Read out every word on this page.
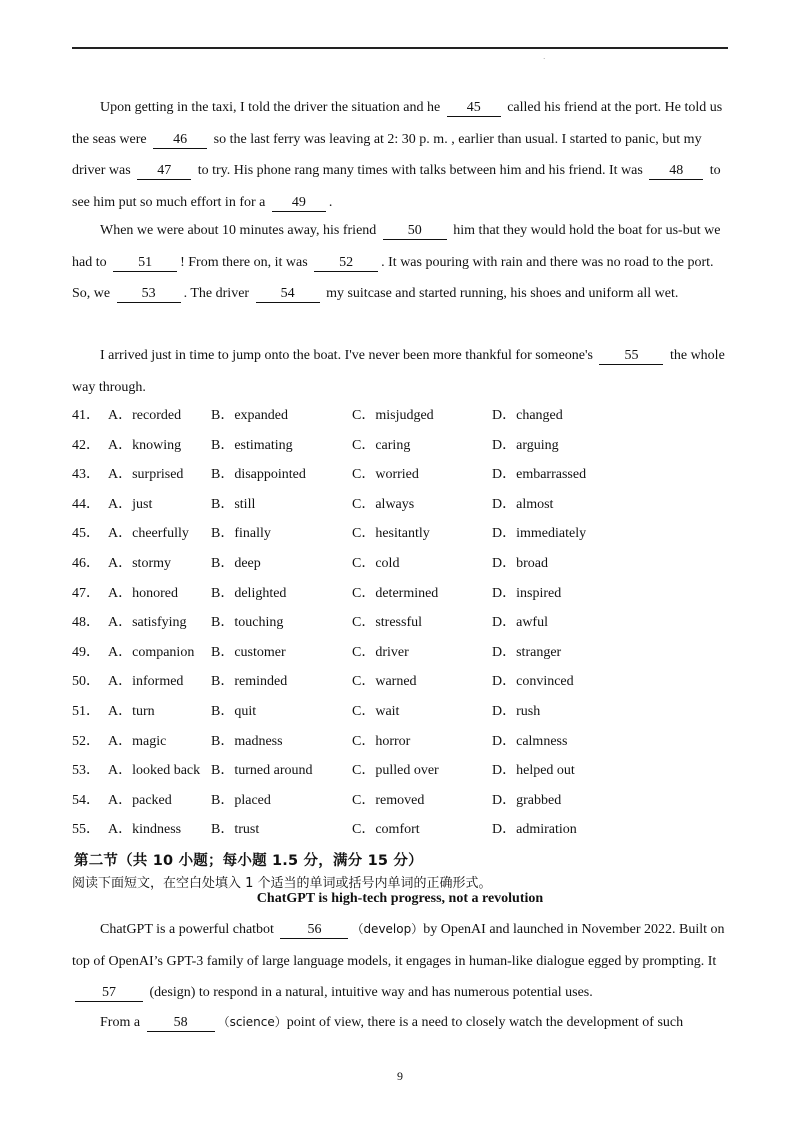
·
Upon getting in the taxi, I told the driver the situation and he 45 called his friend at the port. He told us the seas were 46 so the last ferry was leaving at 2: 30 p. m. , earlier than usual. I started to panic, but my driver was 47 to try. His phone rang many times with talks between him and his friend. It was 48 to see him put so much effort in for a 49 .
When we were about 10 minutes away, his friend 50 him that they would hold the boat for us-but we had to 51 ! From there on, it was 52 . It was pouring with rain and there was no road to the port. So, we 53 . The driver 54 my suitcase and started running, his shoes and uniform all wet.
I arrived just in time to jump onto the boat. I've never been more thankful for someone's 55 the whole way through.
41． A．recorded B．expanded	C．misjudged	D．changed
42． A．knowing B．estimating	C．caring	D．arguing
43． A．surprised B．disappointed	C．worried	D．embarrassed
44． A．just	B．still	C．always	D．almost
45． A．cheerfully B．finally	C．hesitantly	D．immediately
46． A．stormy	B．deep	C．cold	D．broad
47． A．honored B．delighted	C．determined	D．inspired
48． A．satisfying B．touching	C．stressful	D．awful
49． A．companion B．customer	C．driver	D．stranger
50． A．informed B．reminded	C．warned	D．convinced
51． A．turn	B．quit	C．wait	D．rush
52． A．magic	B．madness	C．horror	D．calmness
53． A．looked back B．turned around	C．pulled over	D．helped out
54． A．packed	B．placed	C．removed	D．grabbed
55． A．kindness B．trust	C．comfort	D．admiration
第二节（共 10 小题；每小题 1.5 分，满分 15 分）
阅读下面短文，在空白处填入 1 个适当的单词或括号内单词的正确形式。
ChatGPT is high-tech progress, not a revolution
ChatGPT is a powerful chatbot 56	（develop）by OpenAI and launched in November 2022. Built on top of OpenAI’s GPT-3 family of large language models, it engages in human-like dialogue egged by prompting. It 57 (design) to respond in a natural, intuitive way and has numerous potential uses.
From a 58	（science）point of view, there is a need to closely watch the development of such
9
